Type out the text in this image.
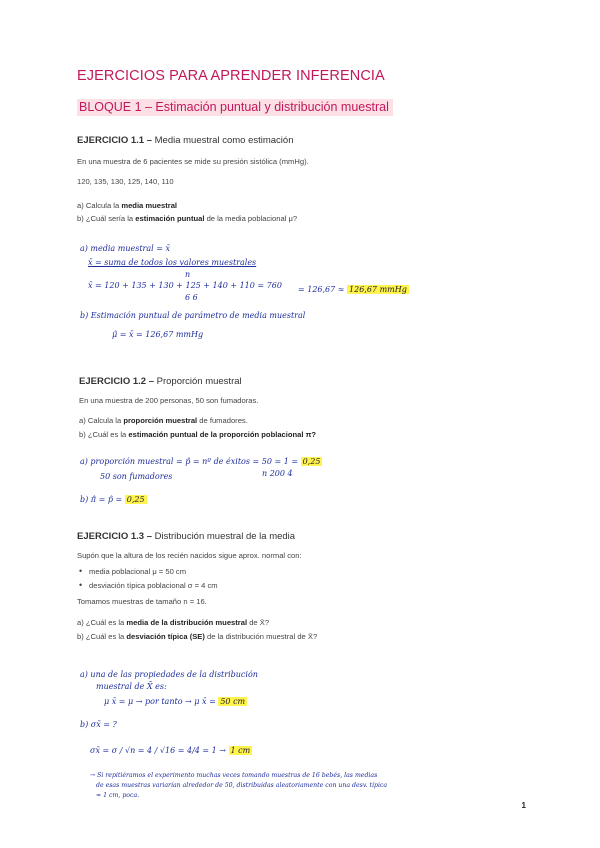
EJERCICIOS PARA APRENDER INFERENCIA
BLOQUE 1 – Estimación puntual y distribución muestral
EJERCICIO 1.1 – Media muestral como estimación
En una muestra de 6 pacientes se mide su presión sistólica (mmHg).
120, 135, 130, 125, 140, 110
a) Calcula la media muestral
b) ¿Cuál sería la estimación puntual de la media poblacional μ?
a) media muestral = x̄
x̄ = suma de todos los valores muestrales
n
x̄ = 120 + 135 + 130 + 125 + 140 + 110 = 760
6 6
= 126,67 ≈ 126,67 mmHg
b) Estimación puntual de parámetro de media muestral
μ̂ = x̄ = 126,67 mmHg
EJERCICIO 1.2 – Proporción muestral
En una muestra de 200 personas, 50 son fumadoras.
a) Calcula la proporción muestral de fumadores.
b) ¿Cuál es la estimación puntual de la proporción poblacional π?
a) proporción muestral = p̂ = nº de éxitos = 50 = 1 = 0,25
n 200 4
50 son fumadores
b) π̂ = p̂ = 0,25
EJERCICIO 1.3 – Distribución muestral de la media
Supón que la altura de los recién nacidos sigue aprox. normal con:
• media poblacional μ = 50 cm
• desviación típica poblacional σ = 4 cm
Tomamos muestras de tamaño n = 16.
a) ¿Cuál es la media de la distribución muestral de X̄?
b) ¿Cuál es la desviación típica (SE) de la distribución muestral de X̄?
a) una de las propiedades de la distribución
muestral de X̄ es:
μ x̄ = μ → por tanto → μ x̄ = 50 cm
b) σx̄ = ?
σx̄ = σ / √n = 4 / √16 = 4/4 = 1 → 1 cm
→ Si repitiéramos el experimento muchas veces tomando muestras de 16 bebés, las medias
de esas muestras variarían alrededor de 50, distribuidas aleatoriamente con una desv. típica
≈ 1 cm, poca.
1
